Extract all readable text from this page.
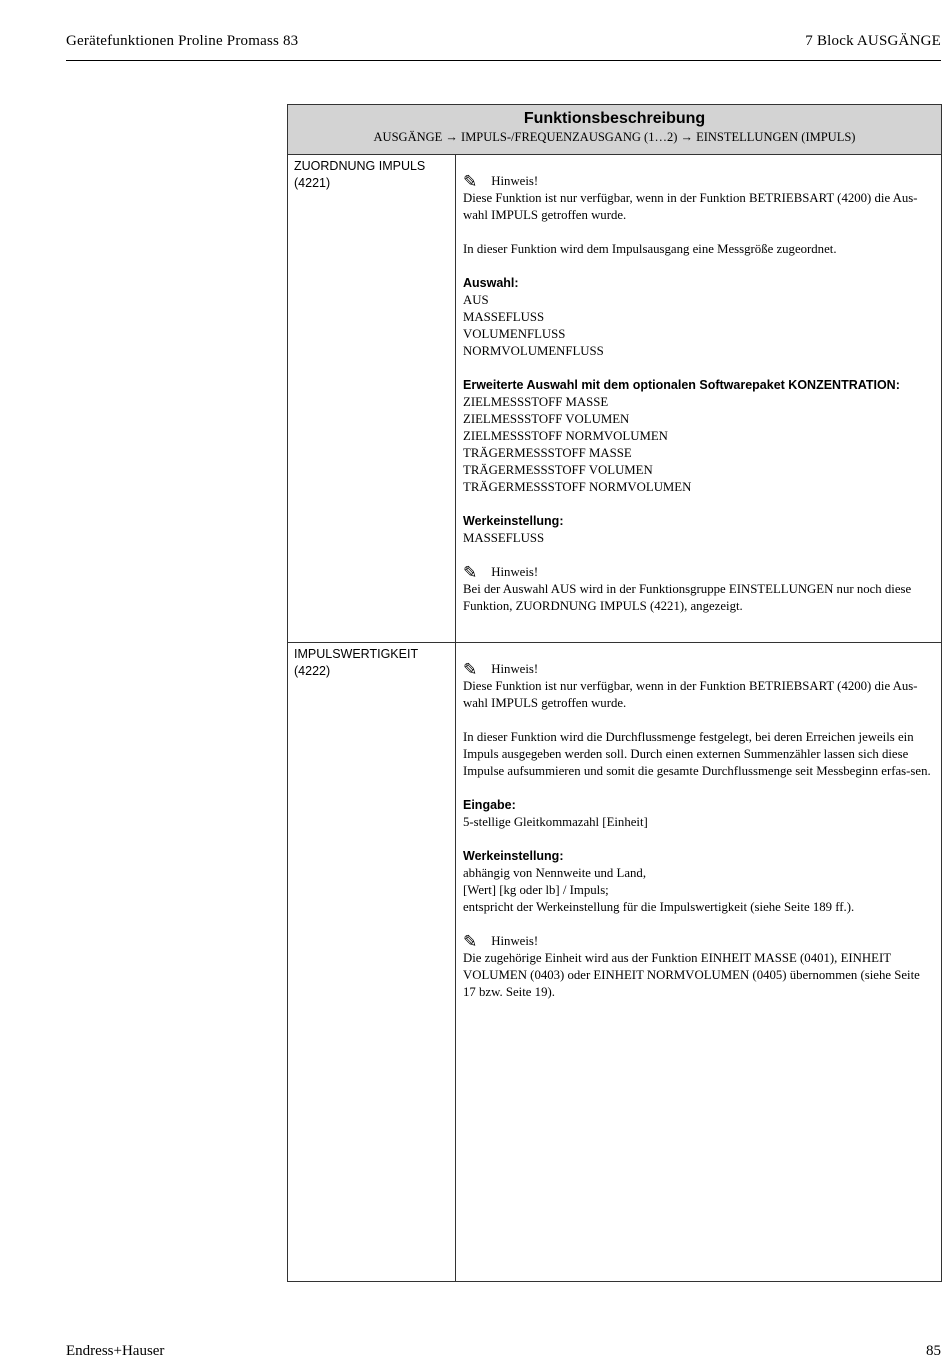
Gerätefunktionen Proline Promass 83	7 Block AUSGÄNGE
Funktionsbeschreibung
AUSGÄNGE → IMPULS-/FREQUENZAUSGANG (1…2) → EINSTELLUNGEN (IMPULS)
ZUORDNUNG IMPULS
(4221)	✎ Hinweis!
Diese Funktion ist nur verfügbar, wenn in der Funktion BETRIEBSART (4200) die Aus-wahl IMPULS getroffen wurde.

In dieser Funktion wird dem Impulsausgang eine Messgröße zugeordnet.

Auswahl:
AUS
MASSEFLUSS
VOLUMENFLUSS
NORMVOLUMENFLUSS
Erweiterte Auswahl mit dem optionalen Softwarepaket KONZENTRATION:
ZIELMESSSTOFF MASSE
ZIELMESSSTOFF VOLUMEN
ZIELMESSSTOFF NORMVOLUMEN
TRÄGERMESSSTOFF MASSE
TRÄGERMESSSTOFF VOLUMEN
TRÄGERMESSSTOFF NORMVOLUMEN
Werkeinstellung:
MASSEFLUSS
✎ Hinweis!
Bei der Auswahl AUS wird in der Funktionsgruppe EINSTELLUNGEN nur noch diese Funktion, ZUORDNUNG IMPULS (4221), angezeigt.
IMPULSWERTIGKEIT
(4222)	✎ Hinweis!
Diese Funktion ist nur verfügbar, wenn in der Funktion BETRIEBSART (4200) die Aus-wahl IMPULS getroffen wurde.

In dieser Funktion wird die Durchflussmenge festgelegt, bei deren Erreichen jeweils ein Impuls ausgegeben werden soll. Durch einen externen Summenzähler lassen sich diese Impulse aufsummieren und somit die gesamte Durchflussmenge seit Messbeginn erfas-sen.

Eingabe:
5-stellige Gleitkommazahl [Einheit]
Werkeinstellung:
abhängig von Nennweite und Land,
[Wert] [kg oder lb] / Impuls;
entspricht der Werkeinstellung für die Impulswertigkeit (siehe Seite 189 ff.).
✎ Hinweis!
Die zugehörige Einheit wird aus der Funktion EINHEIT MASSE (0401), EINHEIT VOLUMEN (0403) oder EINHEIT NORMVOLUMEN (0405) übernommen (siehe Seite 17 bzw. Seite 19).
Endress+Hauser	85
